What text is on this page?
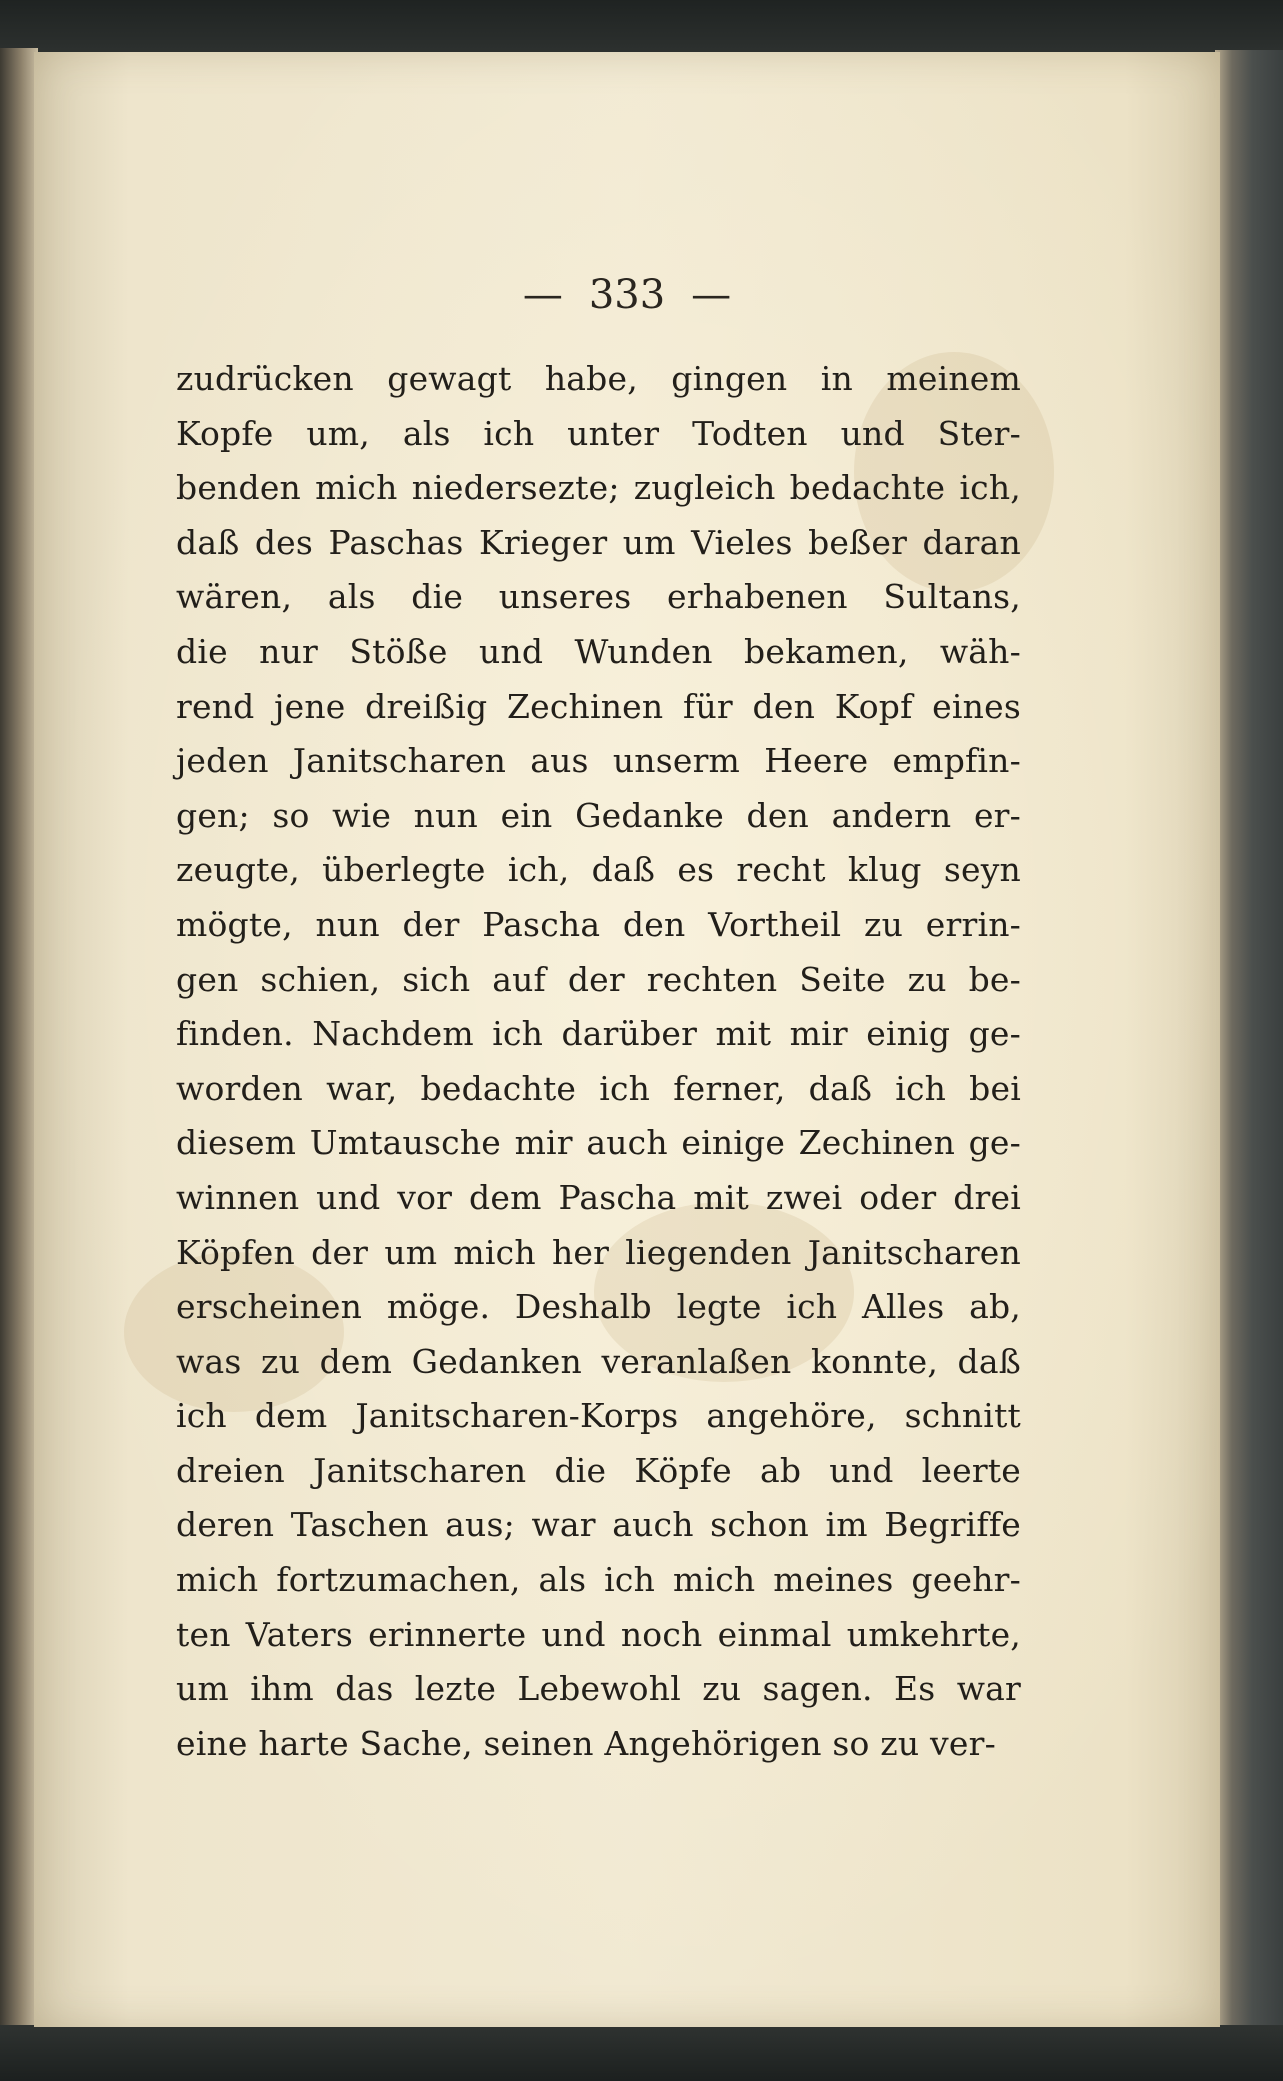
— 333 —

zudrücken gewagt habe, gingen in meinem
Kopfe um, als ich unter Todten und Ster-
benden mich niedersezte; zugleich bedachte ich,
daß des Paschas Krieger um Vieles beßer daran
wären, als die unseres erhabenen Sultans,
die nur Stöße und Wunden bekamen, wäh-
rend jene dreißig Zechinen für den Kopf eines
jeden Janitscharen aus unserm Heere empfin-
gen; so wie nun ein Gedanke den andern er-
zeugte, überlegte ich, daß es recht klug seyn
mögte, nun der Pascha den Vortheil zu errin-
gen schien, sich auf der rechten Seite zu be-
finden. Nachdem ich darüber mit mir einig ge-
worden war, bedachte ich ferner, daß ich bei
diesem Umtausche mir auch einige Zechinen ge-
winnen und vor dem Pascha mit zwei oder drei
Köpfen der um mich her liegenden Janitscharen
erscheinen möge. Deshalb legte ich Alles ab,
was zu dem Gedanken veranlaßen konnte, daß
ich dem Janitscharen-Korps angehöre, schnitt
dreien Janitscharen die Köpfe ab und leerte
deren Taschen aus; war auch schon im Begriffe
mich fortzumachen, als ich mich meines geehr-
ten Vaters erinnerte und noch einmal umkehrte,
um ihm das lezte Lebewohl zu sagen. Es war
eine harte Sache, seinen Angehörigen so zu ver-
